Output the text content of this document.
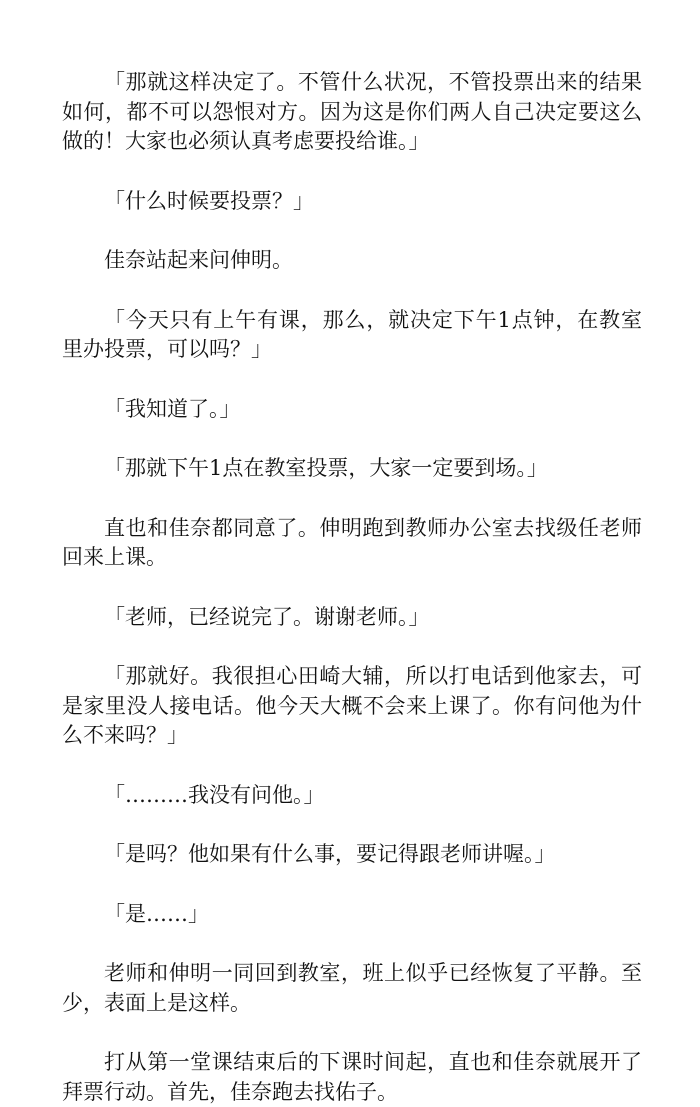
「那就这样决定了。不管什么状况，不管投票出来的结果如何，都不可以怨恨对方。因为这是你们两人自己决定要这么做的！大家也必须认真考虑要投给谁。」

「什么时候要投票？」

佳奈站起来问伸明。

「今天只有上午有课，那么，就决定下午1点钟，在教室里办投票，可以吗？」

「我知道了。」

「那就下午1点在教室投票，大家一定要到场。」

直也和佳奈都同意了。伸明跑到教师办公室去找级任老师回来上课。

「老师，已经说完了。谢谢老师。」

「那就好。我很担心田崎大辅，所以打电话到他家去，可是家里没人接电话。他今天大概不会来上课了。你有问他为什么不来吗？」

「………我没有问他。」

「是吗？他如果有什么事，要记得跟老师讲喔。」

「是……」

老师和伸明一同回到教室，班上似乎已经恢复了平静。至少，表面上是这样。

打从第一堂课结束后的下课时间起，直也和佳奈就展开了拜票行动。首先，佳奈跑去找佑子。
